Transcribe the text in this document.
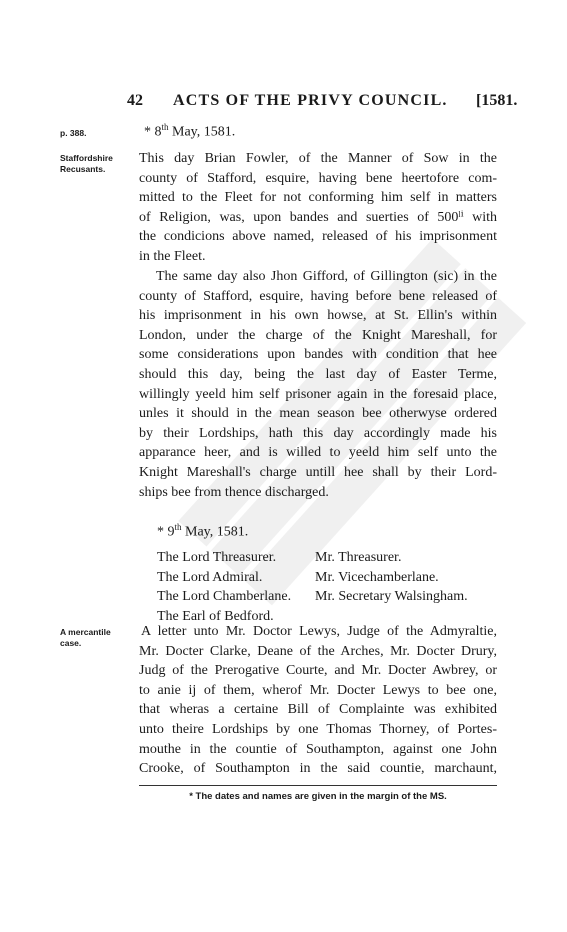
42 ACTS OF THE PRIVY COUNCIL. [1581.
p. 388.	* 8th May, 1581.
Staffordshire
Recusants.
This day Brian Fowler, of the Manner of Sow in the
county of Stafford, esquire, having bene heertofore com-
mitted to the Fleet for not conforming him self in matters
of Religion, was, upon bandes and suerties of 500ˡⁱ with
the condicions above named, released of his imprisonment
in the Fleet.
The same day also Jhon Gifford, of Gillington (sic) in the
county of Stafford, esquire, having before bene released of
his imprisonment in his own howse, at St. Ellin's within
London, under the charge of the Knight Mareshall, for
some considerations upon bandes with condition that hee
should this day, being the last day of Easter Terme,
willingly yeeld him self prisoner again in the foresaid place,
unles it should in the mean season bee otherwyse ordered
by their Lordships, hath this day accordingly made his
apparance heer, and is willed to yeeld him self unto the
Knight Mareshall's charge untill hee shall by their Lord-
ships bee from thence discharged.
* 9th May, 1581.
The Lord Threasurer.	Mr. Threasurer.
The Lord Admiral.	Mr. Vicechamberlane.
The Lord Chamberlane.	Mr. Secretary Walsingham.
The Earl of Bedford.
A mercantile
case.
A letter unto Mr. Doctor Lewys, Judge of the Admyraltie,
Mr. Docter Clarke, Deane of the Arches, Mr. Docter Drury,
Judg of the Prerogative Courte, and Mr. Docter Awbrey, or
to anie ij of them, wherof Mr. Docter Lewys to bee one,
that wheras a certaine Bill of Complainte was exhibited
unto theire Lordships by one Thomas Thorney, of Portes-
mouthe in the countie of Southampton, against one John
Crooke, of Southampton in the said countie, marchaunt,
* The dates and names are given in the margin of the MS.
